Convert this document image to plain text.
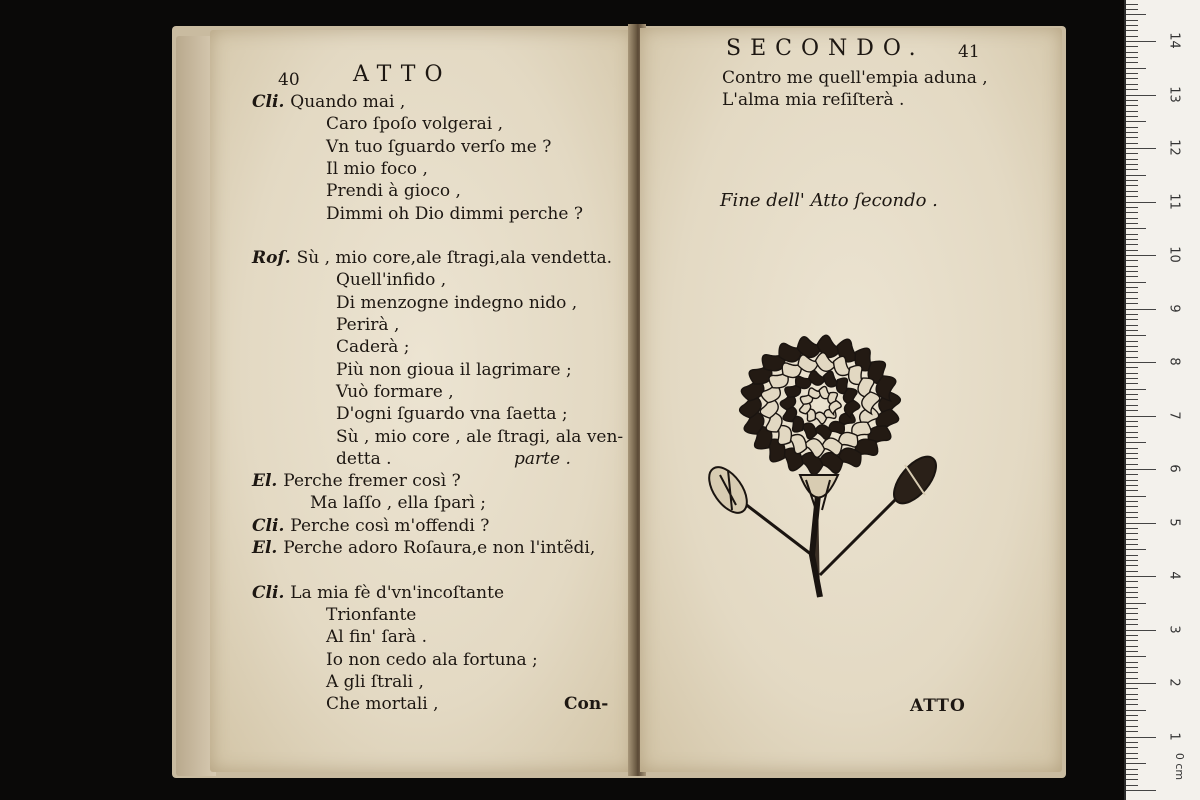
1
2
3
4
5
6
7
8
9
10
11
12
13
14
0 cm
40 ATTO
Cli. Quando mai ,
Caro ſpoſo volgerai ,
Vn tuo ſguardo verſo me ?
Il mio foco ,
Prendi à gioco ,
Dimmi oh Dio dimmi perche ?
Roſ. Sù , mio core,ale ſtragi,ala vendetta.
Quell'infido ,
Di menzogne indegno nido ,
Perirà ,
Caderà ;
Più non gioua il lagrimare ;
Vuò formare ,
D'ogni ſguardo vna ſaetta ;
Sù , mio core , ale ſtragi, ala ven-
detta .	parte .
El. Perche fremer così ?
Ma laſſo , ella ſparì ;
Cli. Perche così m'offendi ?
El. Perche adoro Roſaura,e non l'intẽdi,
Cli. La mia fè d'vn'incoſtante
Trionfante
Al fin' ſarà .
Io non cedo ala fortuna ;
A gli ſtrali ,
Che mortali ,	Con-
SECONDO. 41
Contro me quell'empia aduna ,
L'alma mia reſiſterà .
Fine dell' Atto ſecondo .
ATTO
